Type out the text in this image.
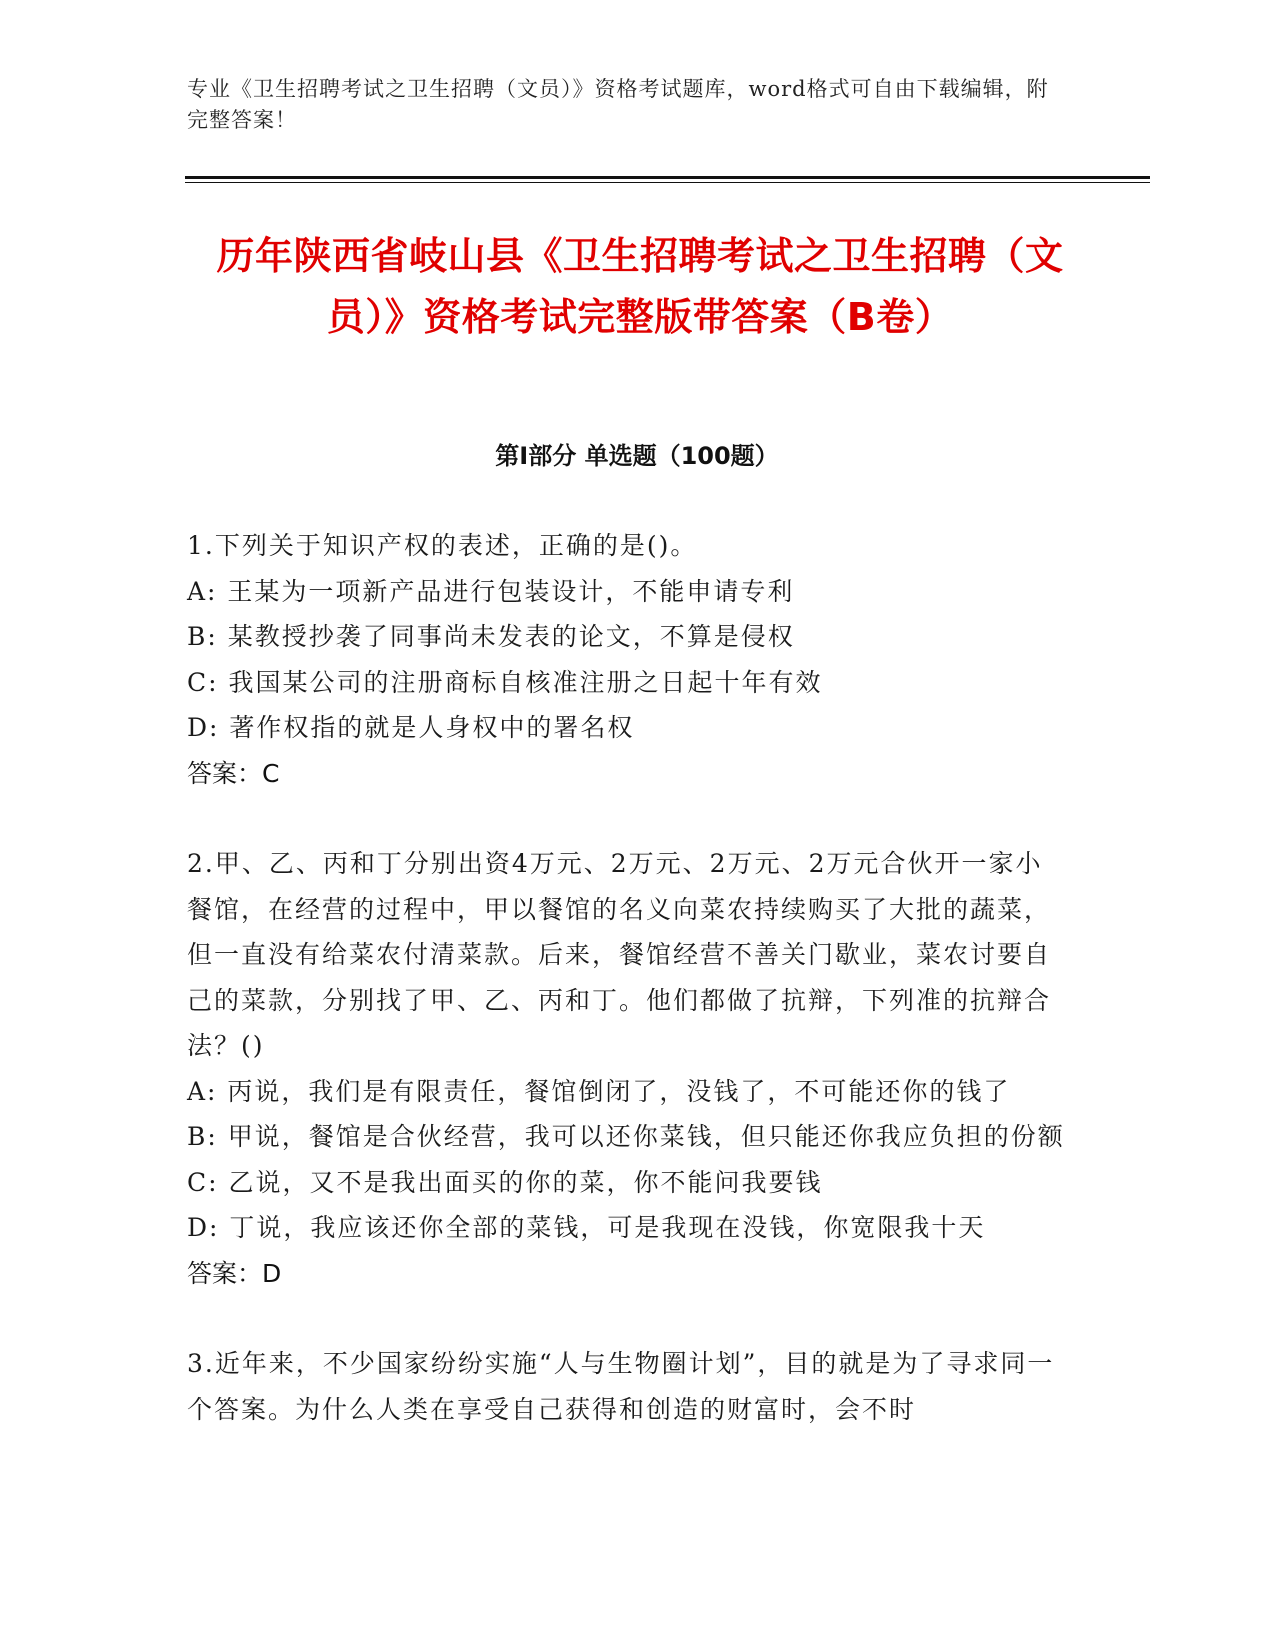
专业《卫生招聘考试之卫生招聘（文员）》资格考试题库，word格式可自由下载编辑，附完整答案！
历年陕西省岐山县《卫生招聘考试之卫生招聘（文员）》资格考试完整版带答案（B卷）
第Ⅰ部分 单选题（100题）

1.下列关于知识产权的表述，正确的是()。

A: 王某为一项新产品进行包装设计，不能申请专利

B: 某教授抄袭了同事尚未发表的论文，不算是侵权

C: 我国某公司的注册商标自核准注册之日起十年有效

D: 著作权指的就是人身权中的署名权

答案：C

2.甲、乙、丙和丁分别出资4万元、2万元、2万元、2万元合伙开一家小餐馆，在经营的过程中，甲以餐馆的名义向菜农持续购买了大批的蔬菜，但一直没有给菜农付清菜款。后来，餐馆经营不善关门歇业，菜农讨要自己的菜款，分别找了甲、乙、丙和丁。他们都做了抗辩，下列准的抗辩合法？()

A: 丙说，我们是有限责任，餐馆倒闭了，没钱了，不可能还你的钱了

B: 甲说，餐馆是合伙经营，我可以还你菜钱，但只能还你我应负担的份额

C: 乙说，又不是我出面买的你的菜，你不能问我要钱

D: 丁说，我应该还你全部的菜钱，可是我现在没钱，你宽限我十天

答案：D

3.近年来，不少国家纷纷实施“人与生物圈计划”，目的就是为了寻求同一个答案。为什么人类在享受自己获得和创造的财富时，会不时
